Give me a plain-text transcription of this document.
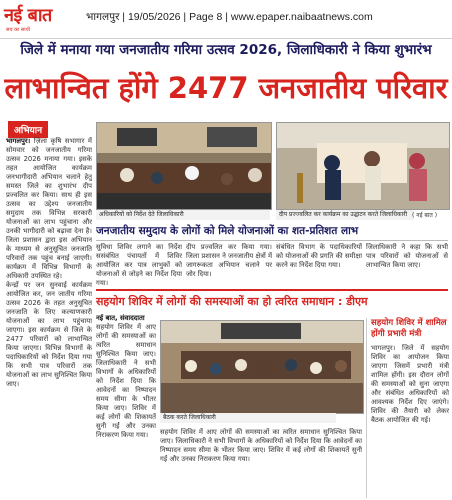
नई बात
सच का साथी
भागलपुर | 19/05/2026 | Page 8 | www.epaper.naibaatnews.com
जिले में मनाया गया जनजातीय गरिमा उत्सव 2026, जिलाधिकारी ने किया शुभारंभ
लाभान्वित होंगे 2477 जनजातीय परिवार
अभियान
भागलपुर। ज़िला कृषि सभागार में सोमवार को जनजातीय गरिमा उत्सव 2026 मनाया गया। इसके तहत आयोजित कार्यक्रम जनभागीदारी अभियान चलाने हेतु समस्त जिले का शुभारंभ दीप प्रज्वलित कर किया। साथ ही इस उत्सव का उद्देश्य जनजातीय समुदाय तक विभिन्न सरकारी योजनाओं का लाभ पहुंचाना और उनकी भागीदारी को बढ़ावा देना है। जिला प्रशासन द्वारा इस अभियान के माध्यम से अनुसूचित जनजाति परिवारों तक पहुंच बनाई जाएगी। कार्यक्रम में विभिन्न विभागों के अधिकारी उपस्थित रहे।
केन्द्रों पर जन सुनवाई कार्यक्रम आयोजित कर, जन जातीय गरिमा उत्सव 2026 के तहत अनुसूचित जनजाति के लिए कल्याणकारी योजनाओं का लाभ पहुंचाया जाएगा। इस कार्यक्रम से जिले के 2477 परिवारों को लाभान्वित किया जाएगा। विभिन्न विभागों के पदाधिकारियों को निर्देश दिया गया कि सभी पात्र परिवारों तक योजनाओं का लाभ सुनिश्चित किया जाए।
अधिकारियों को निर्देश देते जिलाधिकारी	दीप प्रज्ज्वलित कर कार्यक्रम का उद्घाटन करते जिलाधिकारी ( नई बात )
जनजातीय समुदाय के लोगों को मिले योजनाओं का शत-प्रतिशत लाभ
सुविधा शिविर लगाने का निर्देश ससंबंधित पंचायतों में शिविर आयोजित कर पात्र लाभुकों को योजनाओं से जोड़ने का निर्देश दिया गया।
दीप प्रज्वलित कर किया गया। जिला प्रशासन ने जनजातीय क्षेत्रों में जागरूकता अभियान चलाने पर जोर दिया।
संबंधित विभाग के पदाधिकारियों को योजनाओं की प्रगति की समीक्षा करने का निर्देश दिया गया।
जिलाधिकारी ने कहा कि सभी पात्र परिवारों को योजनाओं से लाभान्वित किया जाए।
सहयोग शिविर में लोगों की समस्याओं का हो त्वरित समाधान : डीएम
नई बात, संवाददाता
सहयोग शिविर में आए लोगों की समस्याओं का त्वरित समाधान सुनिश्चित किया जाए। जिलाधिकारी ने सभी विभागों के अधिकारियों को निर्देश दिया कि आवेदनों का निष्पादन समय सीमा के भीतर किया जाए। शिविर में कई लोगों की शिकायतें सुनी गईं और उनका निराकरण किया गया।
बैठक करते जिलाधिकारी
सहयोग शिविर में आए लोगों की समस्याओं का त्वरित समाधान सुनिश्चित किया जाए। जिलाधिकारी ने सभी विभागों के अधिकारियों को निर्देश दिया कि आवेदनों का निष्पादन समय सीमा के भीतर किया जाए। शिविर में कई लोगों की शिकायतें सुनी गईं और उनका निराकरण किया गया।
सहयोग शिविर में शामिल होंगी प्रभारी मंत्री
भागलपुर। जिले में सहयोग शिविर का आयोजन किया जाएगा जिसमें प्रभारी मंत्री शामिल होंगी। इस दौरान लोगों की समस्याओं को सुना जाएगा और संबंधित अधिकारियों को आवश्यक निर्देश दिए जाएंगे। शिविर की तैयारी को लेकर बैठक आयोजित की गई।
